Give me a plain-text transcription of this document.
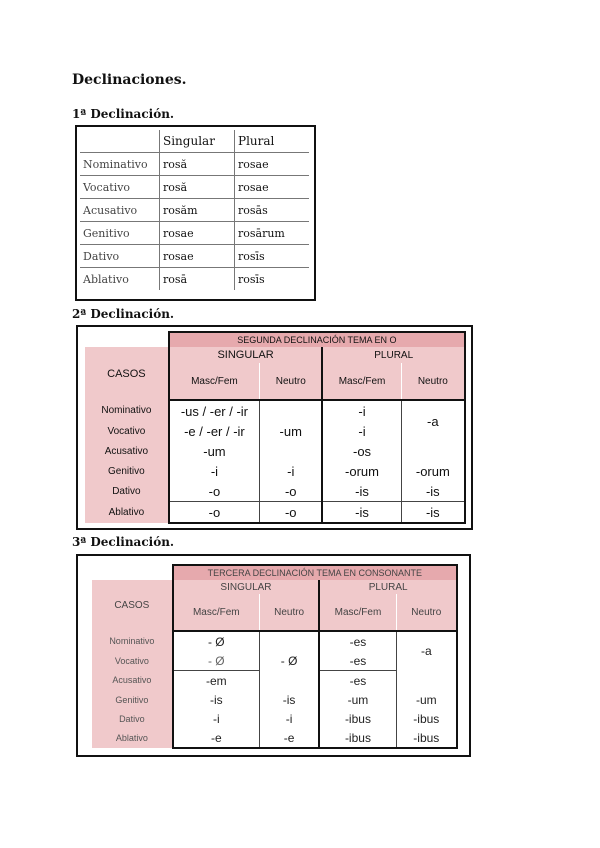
Declinaciones.
1ª Declinación.
	Singular	Plural
Nominativo	rosă	rosae
Vocativo	rosă	rosae
Acusativo	rosăm	rosās
Genitivo	rosae	rosārum
Dativo	rosae	rosīs
Ablativo	rosā	rosīs
2ª Declinación.
	SEGUNDA DECLINACIÓN TEMA EN O			
CASOS	SINGULAR		PLURAL	
	Masc/Fem	Neutro	Masc/Fem	Neutro
Nominativo	-us / -er / -ir	-um	-i	-a
Vocativo	-e / -er / -ir		-i	
Acusativo	-um		-os	
Genitivo	-i	-i	-orum	-orum
Dativo	-o	-o	-is	-is
Ablativo	-o	-o	-is	-is
3ª Declinación.
	TERCERA DECLINACIÓN TEMA EN CONSONANTE			
CASOS	SINGULAR		PLURAL	
	Masc/Fem	Neutro	Masc/Fem	Neutro
Nominativo	- Ø	- Ø	-es	-a
Vocativo	- Ø		-es	
Acusativo	-em		-es	
Genitivo	-is	-is	-um	-um
Dativo	-i	-i	-ibus	-ibus
Ablativo	-e	-e	-ibus	-ibus
